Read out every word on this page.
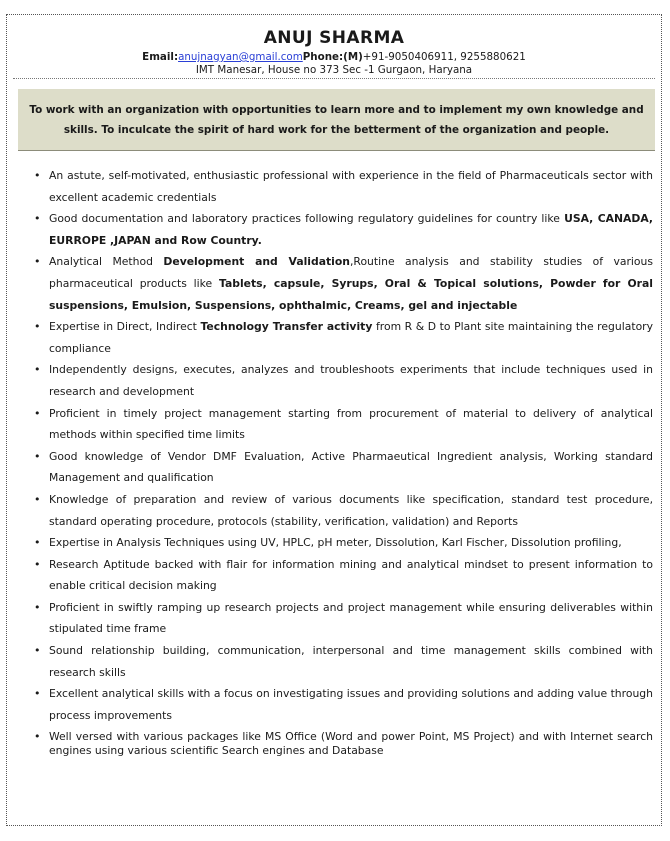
ANUJ SHARMA
Email:anujnagyan@gmail.comPhone:(M)+91-9050406911, 9255880621
IMT Manesar, House no 373 Sec -1 Gurgaon, Haryana
To work with an organization with opportunities to learn more and to implement my own knowledge and skills. To inculcate the spirit of hard work for the betterment of the organization and people.
• An astute, self-motivated, enthusiastic professional with experience in the field of Pharmaceuticals sector with excellent academic credentials
• Good documentation and laboratory practices following regulatory guidelines for country like USA, CANADA, EURROPE ,JAPAN and Row Country.
• Analytical Method Development and Validation,Routine analysis and stability studies of various pharmaceutical products like Tablets, capsule, Syrups, Oral & Topical solutions, Powder for Oral suspensions, Emulsion, Suspensions, ophthalmic, Creams, gel and injectable
• Expertise in Direct, Indirect Technology Transfer activity from R & D to Plant site maintaining the regulatory compliance
• Independently designs, executes, analyzes and troubleshoots experiments that include techniques used in research and development
• Proficient in timely project management starting from procurement of material to delivery of analytical methods within specified time limits
• Good knowledge of Vendor DMF Evaluation, Active Pharmaeutical Ingredient analysis, Working standard Management and qualification
• Knowledge of preparation and review of various documents like specification, standard test procedure, standard operating procedure, protocols (stability, verification, validation) and Reports
• Expertise in Analysis Techniques using UV, HPLC, pH meter, Dissolution, Karl Fischer, Dissolution profiling,
• Research Aptitude backed with flair for information mining and analytical mindset to present information to enable critical decision making
• Proficient in swiftly ramping up research projects and project management while ensuring deliverables within stipulated time frame
• Sound relationship building, communication, interpersonal and time management skills combined with research skills
• Excellent analytical skills with a focus on investigating issues and providing solutions and adding value through process improvements
• Well versed with various packages like MS Office (Word and power Point, MS Project) and with Internet search engines using various scientific Search engines and Database
